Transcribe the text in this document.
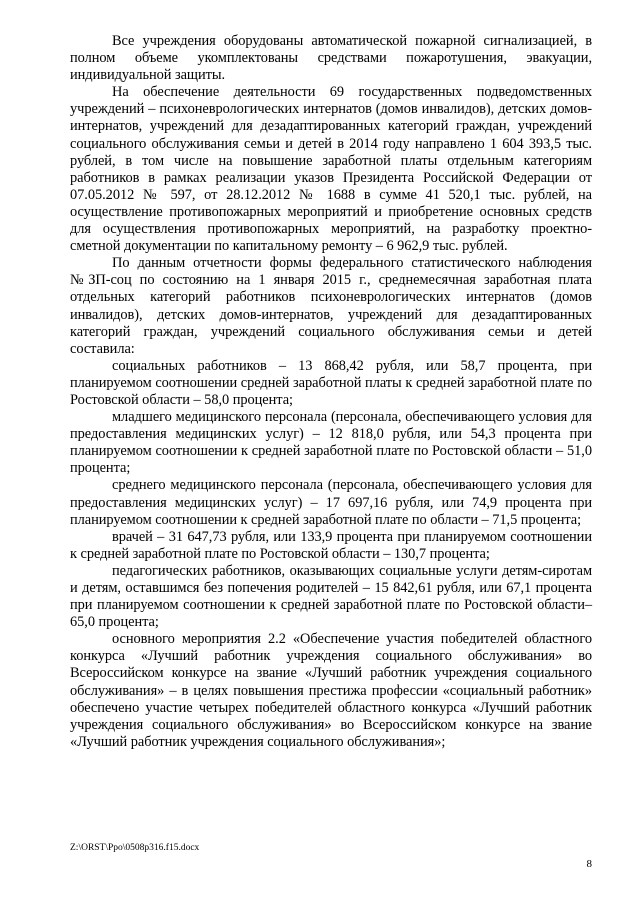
Все учреждения оборудованы автоматической пожарной сигнализацией, в полном объеме укомплектованы средствами пожаротушения, эвакуации, индивидуальной защиты.

На обеспечение деятельности 69 государственных подведомственных учреждений – психоневрологических интернатов (домов инвалидов), детских домов-интернатов, учреждений для дезадаптированных категорий граждан, учреждений социального обслуживания семьи и детей в 2014 году направлено 1 604 393,5 тыс. рублей, в том числе на повышение заработной платы отдельным категориям работников в рамках реализации указов Президента Российской Федерации от 07.05.2012 № 597, от 28.12.2012 № 1688 в сумме 41 520,1 тыс. рублей, на осуществление противопожарных мероприятий и приобретение основных средств для осуществления противопожарных мероприятий, на разработку проектно-сметной документации по капитальному ремонту – 6 962,9 тыс. рублей.

По данным отчетности формы федерального статистического наблюдения №ЗП-соц по состоянию на 1 января 2015 г., среднемесячная заработная плата отдельных категорий работников психоневрологических интернатов (домов инвалидов), детских домов-интернатов, учреждений для дезадаптированных категорий граждан, учреждений социального обслуживания семьи и детей составила:

социальных работников – 13 868,42 рубля, или 58,7 процента, при планируемом соотношении средней заработной платы к средней заработной плате по Ростовской области – 58,0 процента;

младшего медицинского персонала (персонала, обеспечивающего условия для предоставления медицинских услуг) – 12 818,0 рубля, или 54,3 процента при планируемом соотношении к средней заработной плате по Ростовской области – 51,0 процента;

среднего медицинского персонала (персонала, обеспечивающего условия для предоставления медицинских услуг) – 17 697,16 рубля, или 74,9 процента при планируемом соотношении к средней заработной плате по области – 71,5 процента;

врачей – 31 647,73 рубля, или 133,9 процента при планируемом соотношении к средней заработной плате по Ростовской области – 130,7 процента;

педагогических работников, оказывающих социальные услуги детям-сиротам и детям, оставшимся без попечения родителей – 15 842,61 рубля, или 67,1 процента при планируемом соотношении к средней заработной плате по Ростовской области– 65,0 процента;

основного мероприятия 2.2 «Обеспечение участия победителей областного конкурса «Лучший работник учреждения социального обслуживания» во Всероссийском конкурсе на звание «Лучший работник учреждения социального обслуживания» – в целях повышения престижа профессии «социальный работник» обеспечено участие четырех победителей областного конкурса «Лучший работник учреждения социального обслуживания» во Всероссийском конкурсе на звание «Лучший работник учреждения социального обслуживания»;

Z:\ORST\Ppo\0508p316.f15.docx
8
